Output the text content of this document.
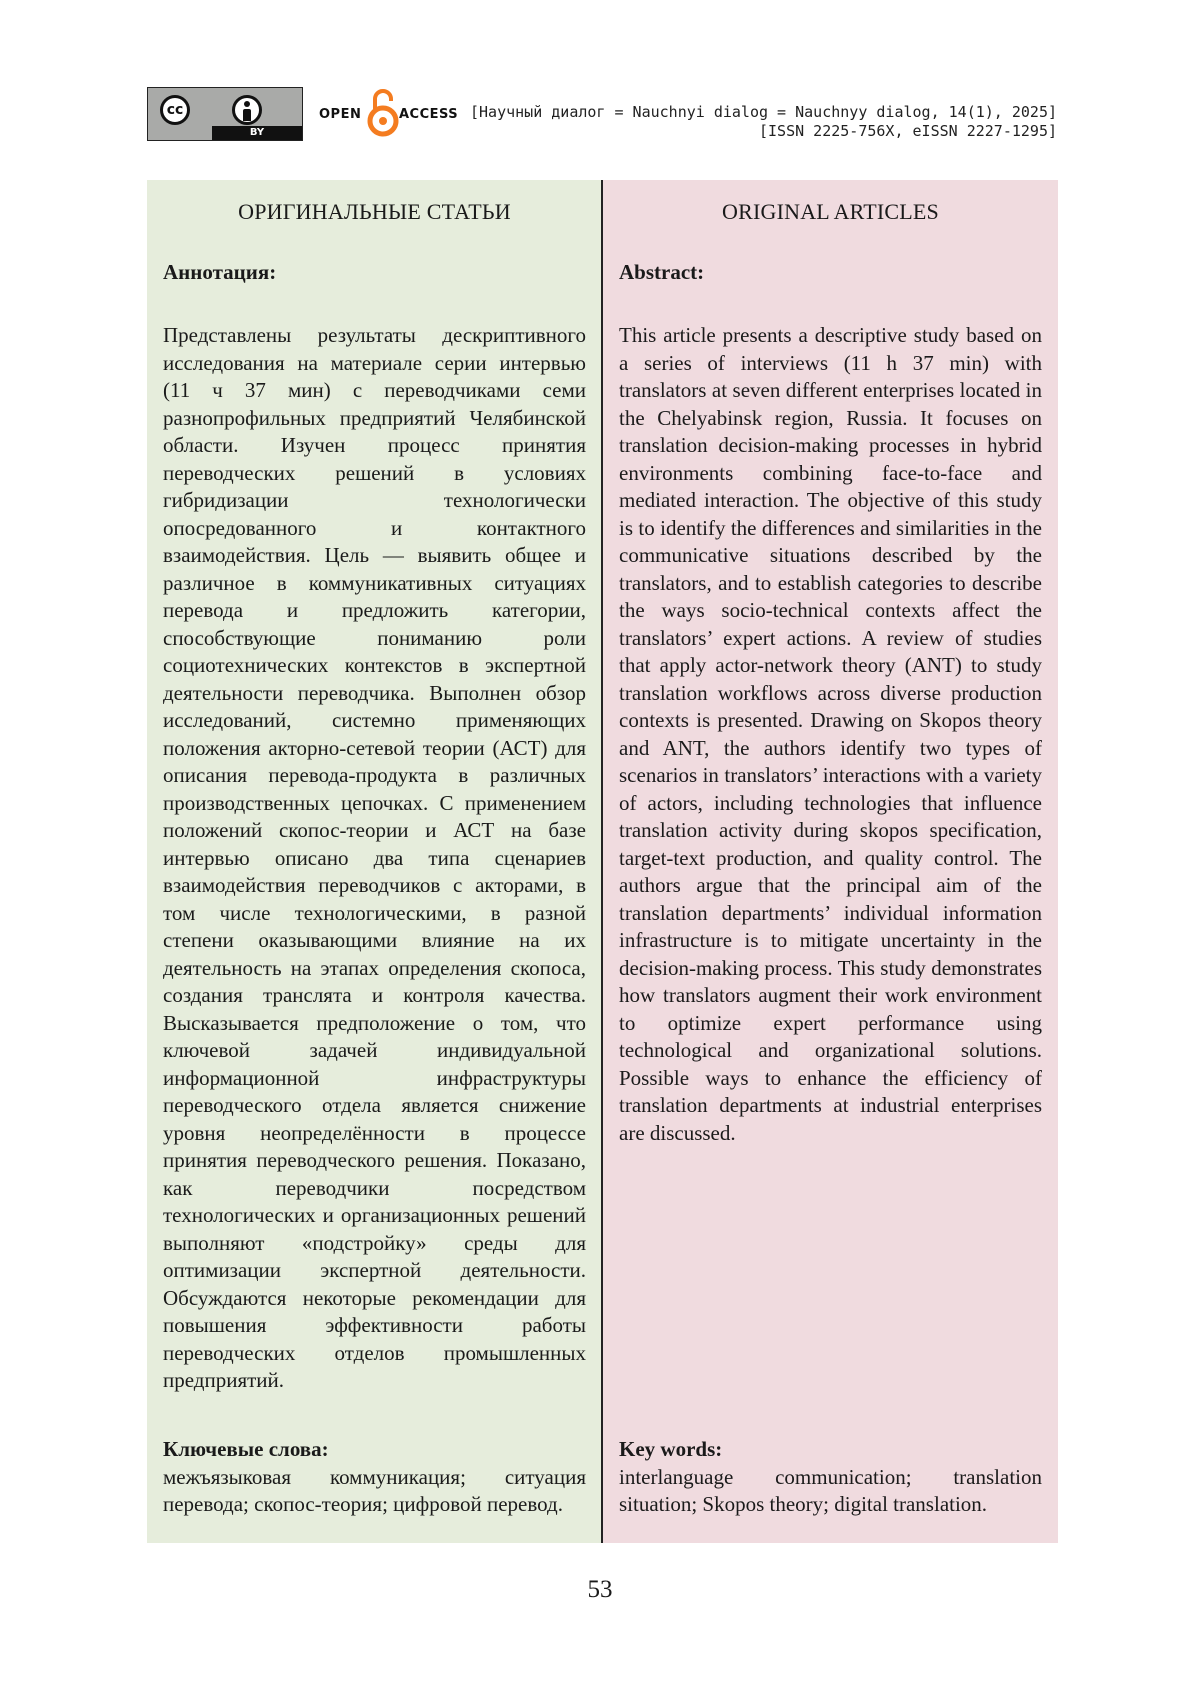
cc
BY
OPEN	ACCESS [Научный диалог = Nauchnyi dialog = Nauchnyy dialog, 14(1), 2025]
[ISSN 2225-756X, eISSN 2227-1295]
ОРИГИНАЛЬНЫЕ СТАТЬИ
Аннотация:
Представлены результаты дескриптивного исследования на материале серии интервью (11 ч 37 мин) с переводчиками семи разнопрофильных предприятий Челябинской области. Изучен процесс принятия переводческих решений в условиях гибридизации технологически опосредованного и контактного взаимодействия. Цель — выявить общее и различное в коммуникативных ситуациях перевода и предложить категории, способствующие пониманию роли социотехнических контекстов в экспертной деятельности переводчика. Выполнен обзор исследований, системно применяющих положения акторно-сетевой теории (АСТ) для описания перевода-продукта в различных производственных цепочках. С применением положений скопос-теории и АСТ на базе интервью описано два типа сценариев взаимодействия переводчиков с акторами, в том числе технологическими, в разной степени оказывающими влияние на их деятельность на этапах определения скопоса, создания транслята и контроля качества. Высказывается предположение о том, что ключевой задачей индивидуальной информационной инфраструктуры переводческого отдела является снижение уровня неопределённости в процессе принятия переводческого решения. Показано, как переводчики посредством технологических и организационных решений выполняют «подстройку» среды для оптимизации экспертной деятельности. Обсуждаются некоторые рекомендации для повышения эффективности работы переводческих отделов промышленных предприятий.
Ключевые слова:
межъязыковая коммуникация; ситуация перевода; скопос-теория; цифровой перевод.
ORIGINAL ARTICLES
Abstract:
This article presents a descriptive study based on a series of interviews (11 h 37 min) with translators at seven different enterprises located in the Chelyabinsk region, Russia. It focuses on translation decision-making processes in hybrid environments combining face-to-face and mediated interaction. The objective of this study is to identify the differences and similarities in the communicative situations described by the translators, and to establish categories to describe the ways socio-technical contexts affect the translators’ expert actions. A review of studies that apply actor-network theory (ANT) to study translation workflows across diverse production contexts is presented. Drawing on Skopos theory and ANT, the authors identify two types of scenarios in translators’ interactions with a variety of actors, including technologies that influence translation activity during skopos specification, target-text production, and quality control. The authors argue that the principal aim of the translation departments’ individual information infrastructure is to mitigate uncertainty in the decision-making process. This study demonstrates how translators augment their work environment to optimize expert performance using technological and organizational solutions. Possible ways to enhance the efficiency of translation departments at industrial enterprises are discussed.
Key words:
interlanguage communication; translation situation; Skopos theory; digital translation.
53
